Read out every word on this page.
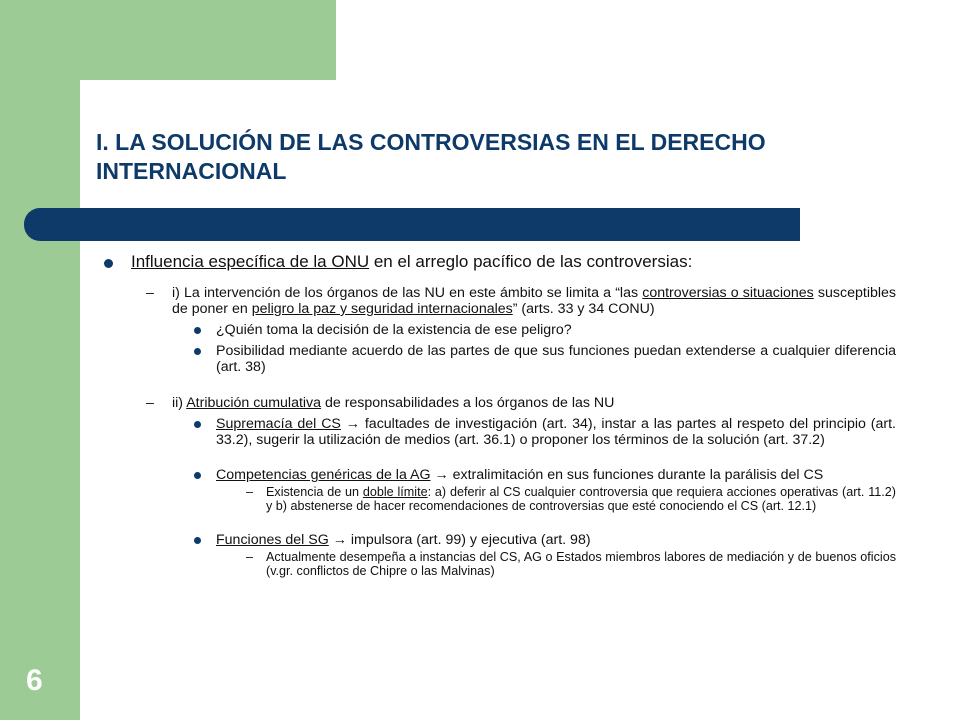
6
I. LA SOLUCIÓN DE LAS CONTROVERSIAS EN EL DERECHO INTERNACIONAL
Influencia específica de la ONU en el arreglo pacífico de las controversias:
– i) La intervención de los órganos de las NU en este ámbito se limita a “las controversias o situaciones susceptibles de poner en peligro la paz y seguridad internacionales” (arts. 33 y 34 CONU)
¿Quién toma la decisión de la existencia de ese peligro?
Posibilidad mediante acuerdo de las partes de que sus funciones puedan extenderse a cualquier diferencia (art. 38)
– ii) Atribución cumulativa de responsabilidades a los órganos de las NU
Supremacía del CS → facultades de investigación (art. 34), instar a las partes al respeto del principio (art. 33.2), sugerir la utilización de medios (art. 36.1) o proponer los términos de la solución (art. 37.2)
Competencias genéricas de la AG → extralimitación en sus funciones durante la parálisis del CS
– Existencia de un doble límite: a) deferir al CS cualquier controversia que requiera acciones operativas (art. 11.2) y b) abstenerse de hacer recomendaciones de controversias que esté conociendo el CS (art. 12.1)
Funciones del SG → impulsora (art. 99) y ejecutiva (art. 98)
– Actualmente desempeña a instancias del CS, AG o Estados miembros labores de mediación y de buenos oficios (v.gr. conflictos de Chipre o las Malvinas)
